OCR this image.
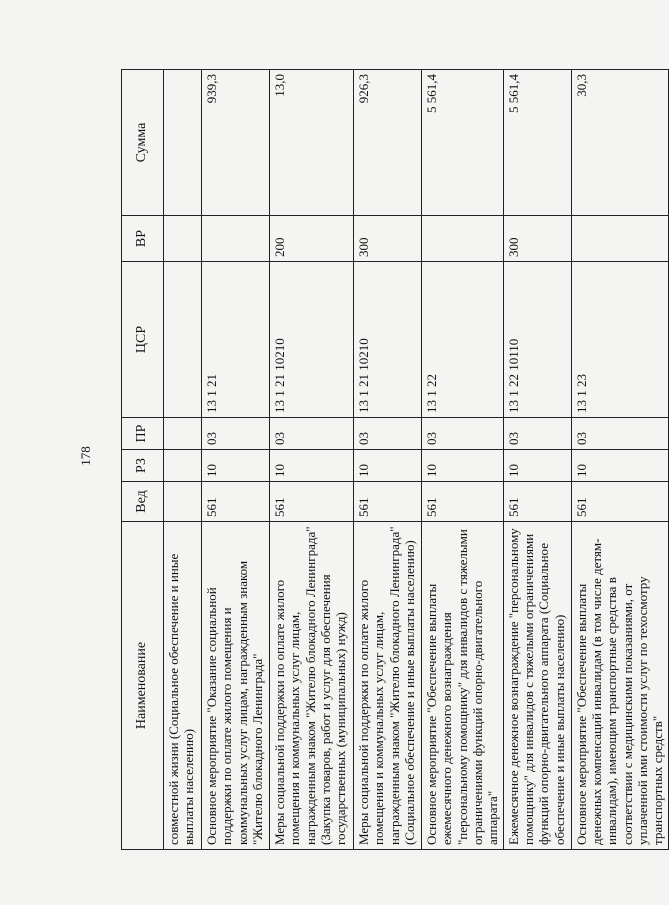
178
Наименование	Вед	РЗ	ПР	ЦСР	ВР	Сумма
совместной жизни (Социальное обеспечение и иные выплаты населению)						
Основное мероприятие "Оказание социальной поддержки по оплате жилого помещения и коммунальных услуг лицам, награжденным знаком "Жителю блокадного Ленинграда"	561	10	03	13 1 21		939,3
Меры социальной поддержки по оплате жилого помещения и коммунальных услуг лицам, награжденным знаком "Жителю блокадного Ленинграда" (Закупка товаров, работ и услуг для обеспечения государственных (муниципальных) нужд)	561	10	03	13 1 21 10210	200	13,0
Меры социальной поддержки по оплате жилого помещения и коммунальных услуг лицам, награжденным знаком "Жителю блокадного Ленинграда" (Социальное обеспечение и иные выплаты населению)	561	10	03	13 1 21 10210	300	926,3
Основное мероприятие "Обеспечение выплаты ежемесячного денежного вознаграждения "персональному помощнику" для инвалидов с тяжелыми ограничениями функций опорно-двигательного аппарата"	561	10	03	13 1 22		5 561,4
Ежемесячное денежное вознаграждение "персональному помощнику" для инвалидов с тяжелыми ограничениями функций опорно-двигательного аппарата (Социальное обеспечение и иные выплаты населению)	561	10	03	13 1 22 10110	300	5 561,4
Основное мероприятие "Обеспечение выплаты денежных компенсаций инвалидам (в том числе детям-инвалидам), имеющим транспортные средства в соответствии с медицинскими показаниями, от уплаченной ими стоимости услуг по техосмотру транспортных средств"	561	10	03	13 1 23		30,3
